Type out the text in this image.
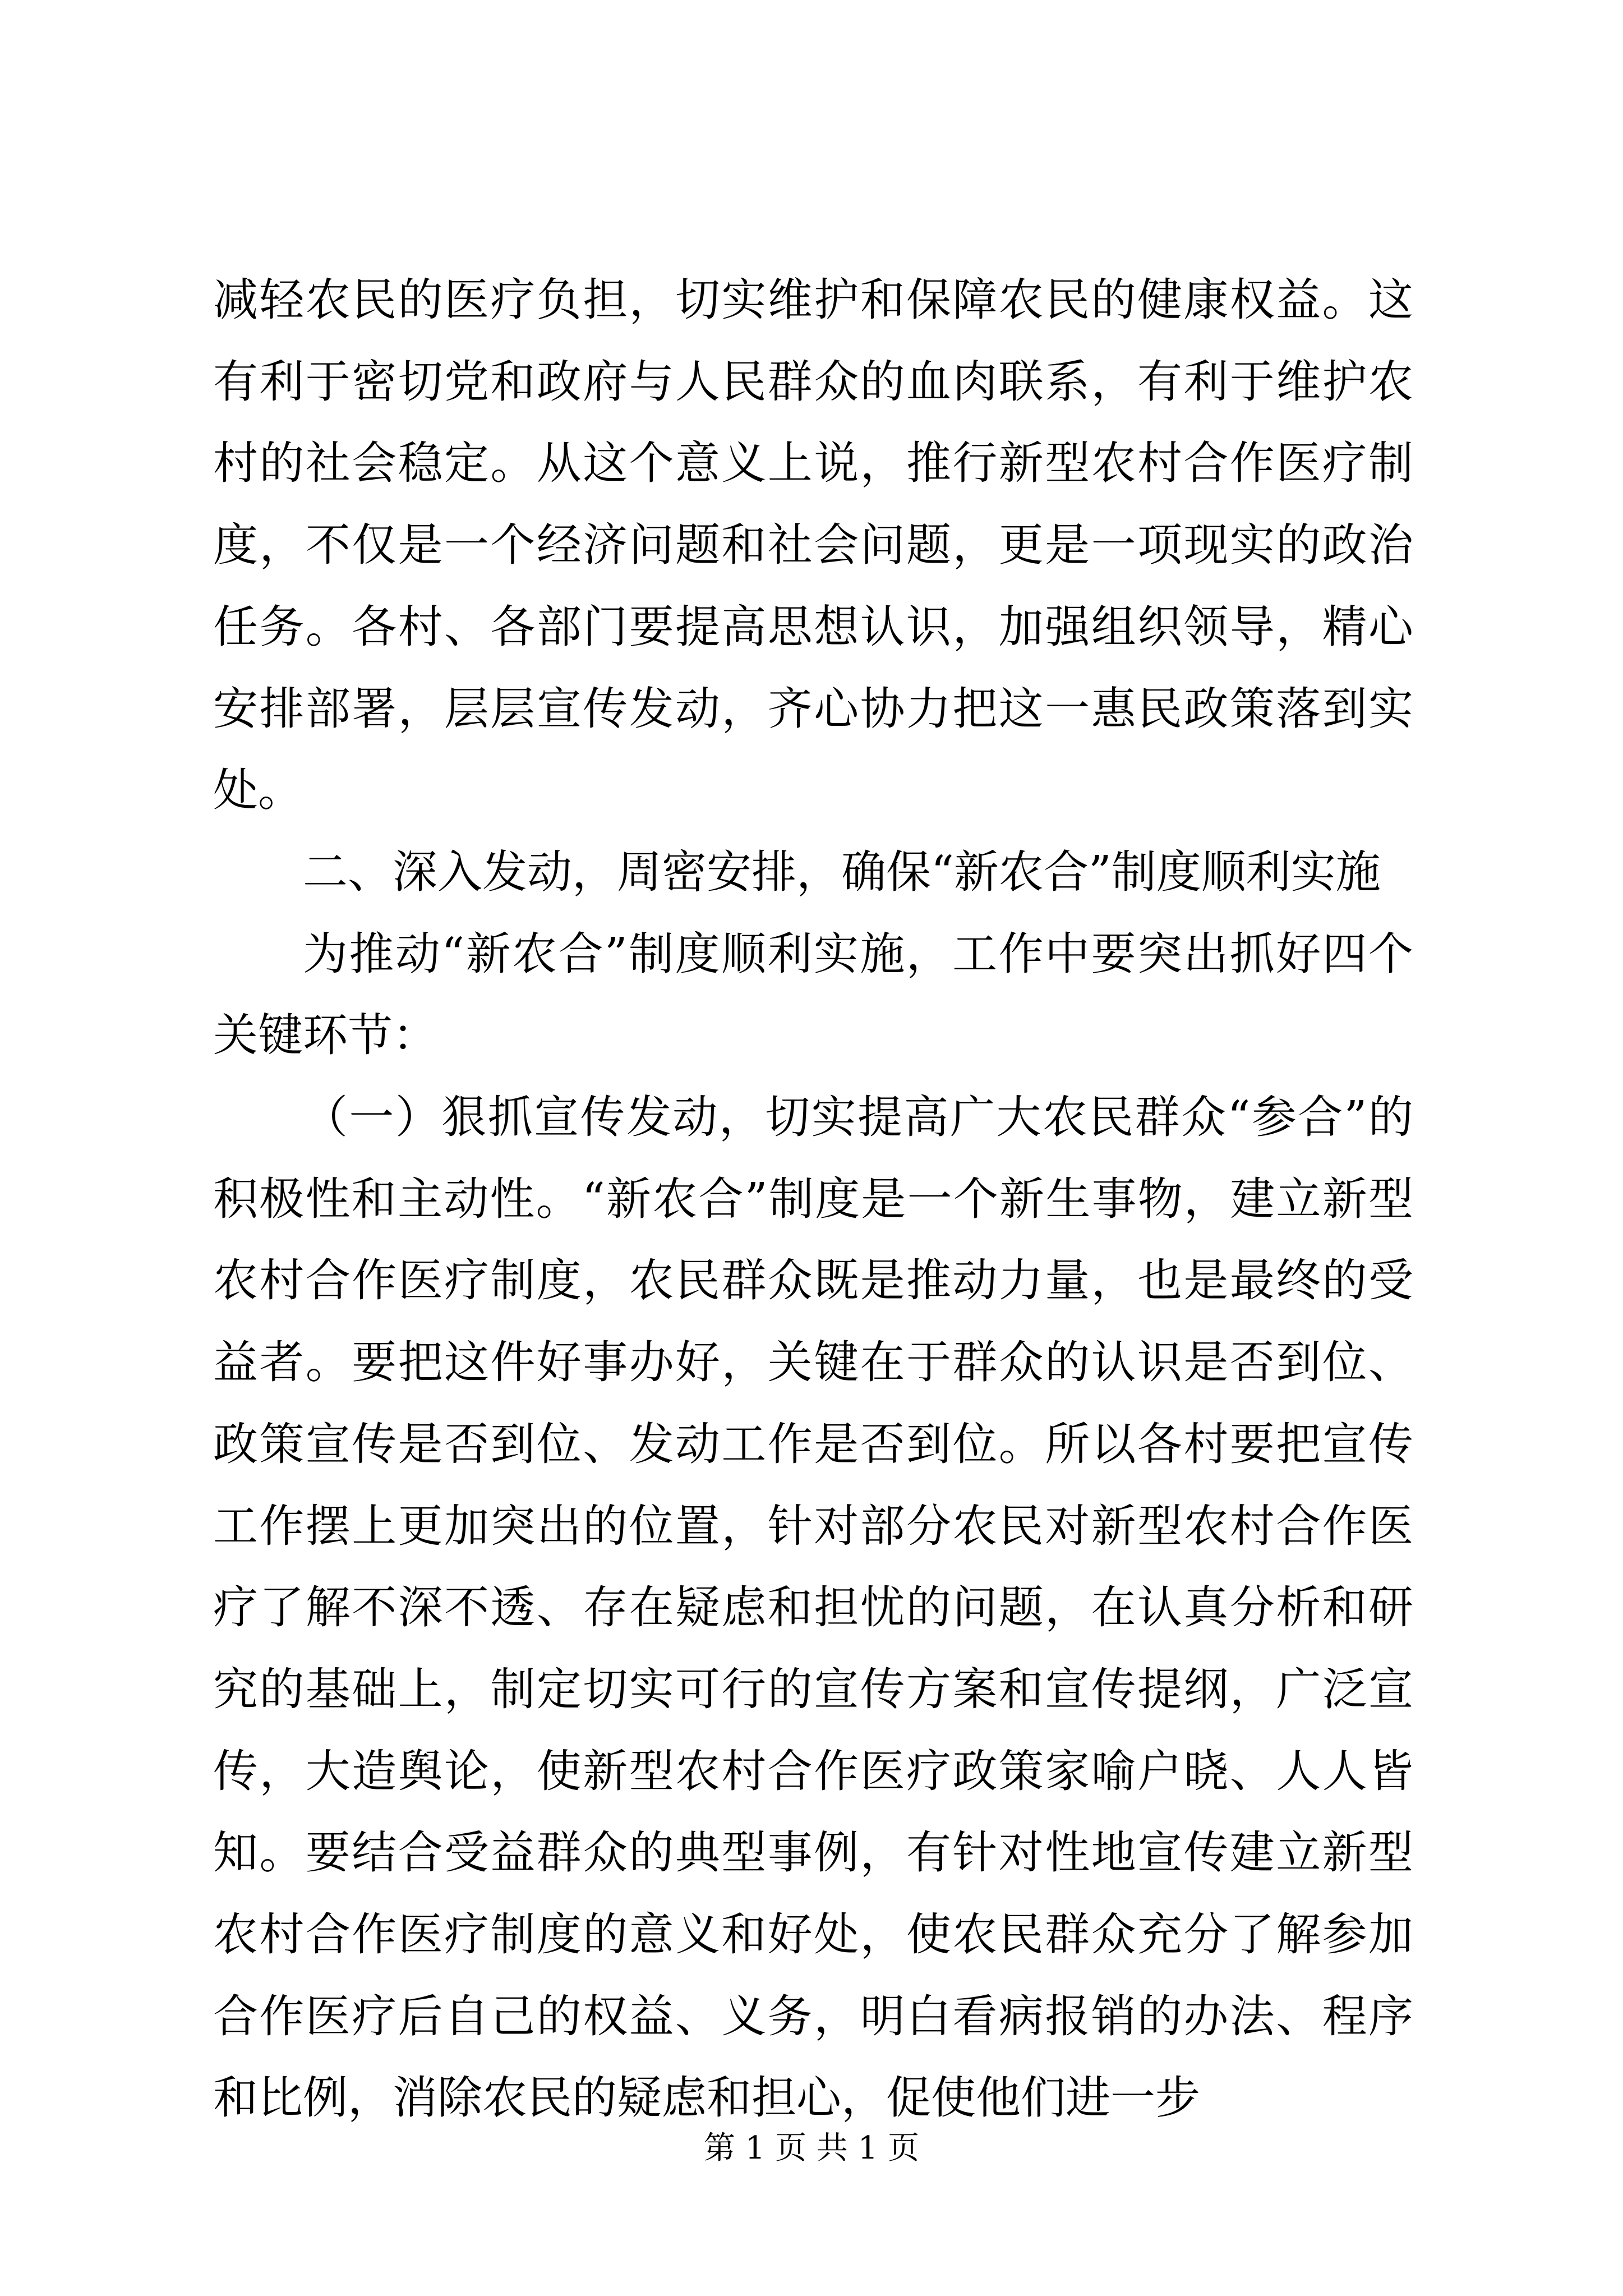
减轻农民的医疗负担，切实维护和保障农民的健康权益。这有利于密切党和政府与人民群众的血肉联系，有利于维护农村的社会稳定。从这个意义上说，推行新型农村合作医疗制度，不仅是一个经济问题和社会问题，更是一项现实的政治任务。各村、各部门要提高思想认识，加强组织领导，精心安排部署，层层宣传发动，齐心协力把这一惠民政策落到实处。

二、深入发动，周密安排，确保“新农合”制度顺利实施

为推动“新农合”制度顺利实施，工作中要突出抓好四个关键环节：

（一）狠抓宣传发动，切实提高广大农民群众“参合”的积极性和主动性。“新农合”制度是一个新生事物，建立新型农村合作医疗制度，农民群众既是推动力量，也是最终的受益者。要把这件好事办好，关键在于群众的认识是否到位、政策宣传是否到位、发动工作是否到位。所以各村要把宣传工作摆上更加突出的位置，针对部分农民对新型农村合作医疗了解不深不透、存在疑虑和担忧的问题，在认真分析和研究的基础上，制定切实可行的宣传方案和宣传提纲，广泛宣传，大造舆论，使新型农村合作医疗政策家喻户晓、人人皆知。要结合受益群众的典型事例，有针对性地宣传建立新型农村合作医疗制度的意义和好处，使农民群众充分了解参加合作医疗后自己的权益、义务，明白看病报销的办法、程序和比例，消除农民的疑虑和担心，促使他们进一步

第 1 页 共 1 页
